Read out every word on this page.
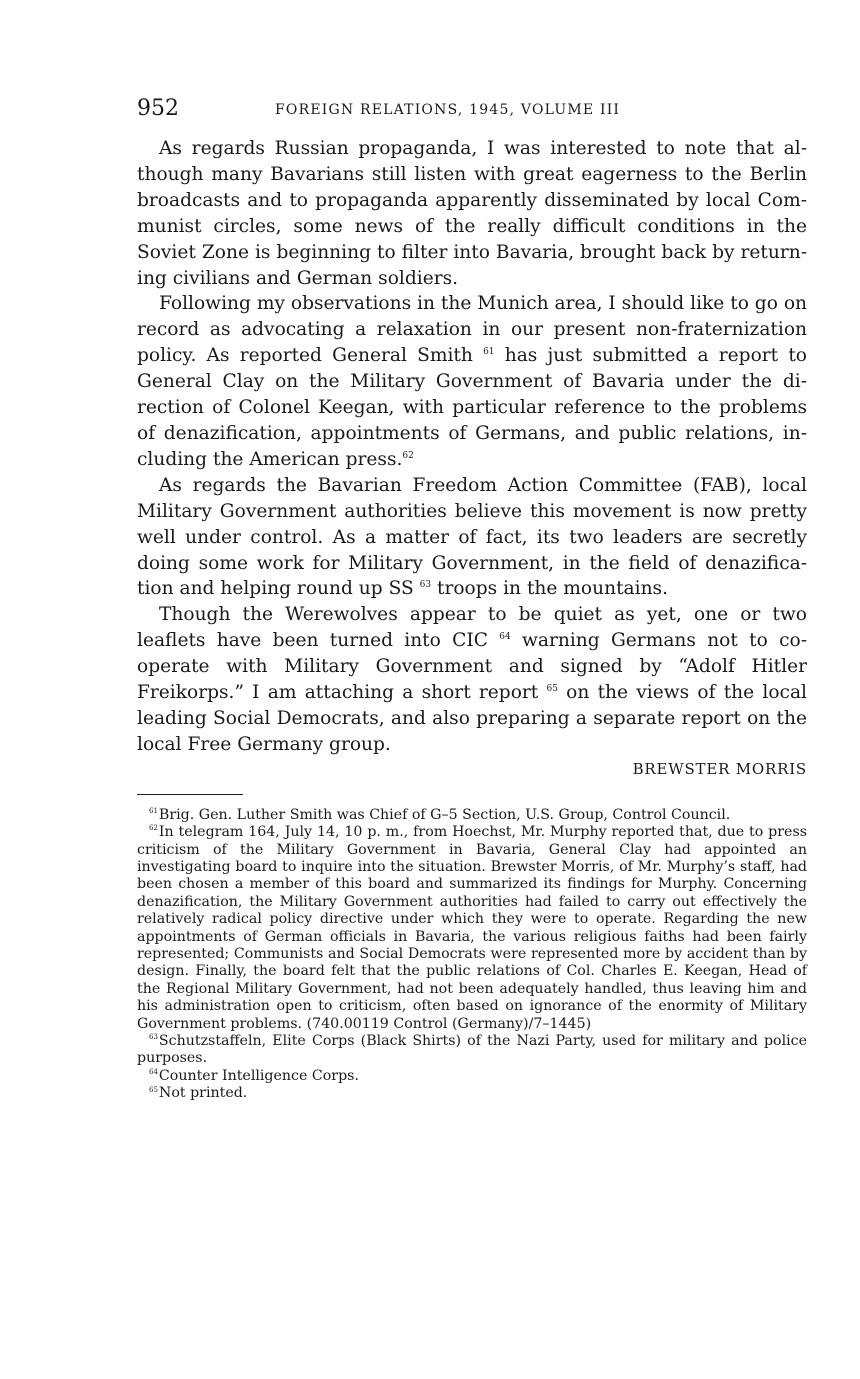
952	FOREIGN RELATIONS, 1945, VOLUME III

As regards Russian propaganda, I was interested to note that although many Bavarians still listen with great eagerness to the Berlin broadcasts and to propaganda apparently disseminated by local Communist circles, some news of the really difficult conditions in the Soviet Zone is beginning to filter into Bavaria, brought back by returning civilians and German soldiers.

Following my observations in the Munich area, I should like to go on record as advocating a relaxation in our present non-fraternization policy. As reported General Smith $^{61}$ has just submitted a report to General Clay on the Military Government of Bavaria under the direction of Colonel Keegan, with particular reference to the problems of denazification, appointments of Germans, and public relations, including the American press.$^{62}$

As regards the Bavarian Freedom Action Committee (FAB), local Military Government authorities believe this movement is now pretty well under control. As a matter of fact, its two leaders are secretly doing some work for Military Government, in the field of denazification and helping round up SS $^{63}$ troops in the mountains.

Though the Werewolves appear to be quiet as yet, one or two leaflets have been turned into CIC $^{64}$ warning Germans not to cooperate with Military Government and signed by “Adolf Hitler Freikorps.” I am attaching a short report $^{65}$ on the views of the local leading Social Democrats, and also preparing a separate report on the local Free Germany group.

BREWSTER MORRIS

$^{61}$Brig. Gen. Luther Smith was Chief of G–5 Section, U.S. Group, Control Council.

$^{62}$In telegram 164, July 14, 10 p. m., from Hoechst, Mr. Murphy reported that, due to press criticism of the Military Government in Bavaria, General Clay had appointed an investigating board to inquire into the situation. Brewster Morris, of Mr. Murphy’s staff, had been chosen a member of this board and summarized its findings for Murphy. Concerning denazification, the Military Government authorities had failed to carry out effectively the relatively radical policy directive under which they were to operate. Regarding the new appointments of German officials in Bavaria, the various religious faiths had been fairly represented; Communists and Social Democrats were represented more by accident than by design. Finally, the board felt that the public relations of Col. Charles E. Keegan, Head of the Regional Military Government, had not been adequately handled, thus leaving him and his administration open to criticism, often based on ignorance of the enormity of Military Government problems. (740.00119 Control (Germany)/7–1445)

$^{63}$Schutzstaffeln, Elite Corps (Black Shirts) of the Nazi Party, used for military and police purposes.

$^{64}$Counter Intelligence Corps.

$^{65}$Not printed.
